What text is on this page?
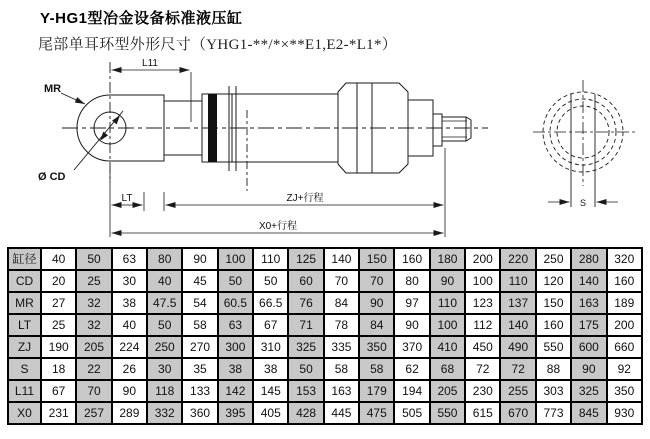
Y-HG1型冶金设备标准液压缸
尾部单耳环型外形尺寸（YHG1-**/*×**E1,E2-*L1*）
MR
Ø CD
L11
LT	ZJ+行程
X0+行程
S
缸径	40	50	63	80	90	100	110	125	140	150	160	180	200	220	250	280	320
CD	20	25	30	40	45	50	50	60	70	70	80	90	100	110	120	140	160
MR	27	32	38	47.5	54	60.5	66.5	76	84	90	97	110	123	137	150	163	189
LT	25	32	40	50	58	63	67	71	78	84	90	100	112	140	160	175	200
ZJ	190	205	224	250	270	300	310	325	335	350	370	410	450	490	550	600	660
S	18	22	26	30	35	38	38	50	58	58	62	68	72	72	88	90	92
L11	67	70	90	118	133	142	145	153	163	179	194	205	230	255	303	325	350
X0	231	257	289	332	360	395	405	428	445	475	505	550	615	670	773	845	930
